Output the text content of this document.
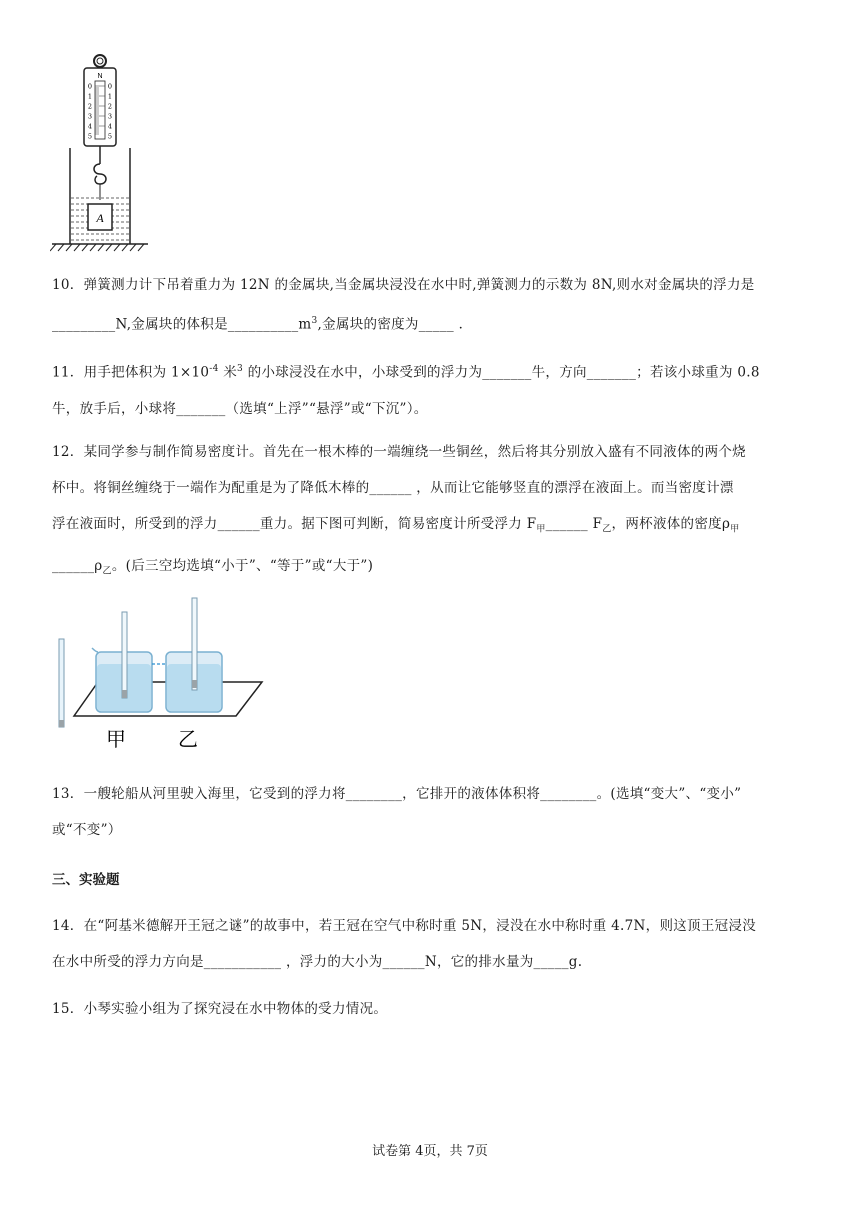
N
0 0
1 1
2 2
3 3
4 4
5 5
A

10．弹簧测力计下吊着重力为 12N 的金属块,当金属块浸没在水中时,弹簧测力的示数为 8N,则水对金属块的浮力是

_________N,金属块的体积是$\_\_\_\_\_\_\_\_\_\_m^3$,金属块的密度为_____ ．

11．用手把体积为 $1\times 10^{-4}$ 米$^3$ 的小球浸没在水中，小球受到的浮力为_______牛，方向_______；若该小球重为 0.8

牛，放手后，小球将_______（选填“上浮”“悬浮”或“下沉”）。

12．某同学参与制作简易密度计。首先在一根木棒的一端缠绕一些铜丝，然后将其分别放入盛有不同液体的两个烧

杯中。将铜丝缠绕于一端作为配重是为了降低木棒的______ ，从而让它能够竖直的漂浮在液面上。而当密度计漂

浮在液面时，所受到的浮力______重力。据下图可判断，简易密度计所受浮力 $F_甲\_\_\_\_\_\_$ $F_乙$，两杯液体的密度$\rho_甲$

$\_\_\_\_\_\_\rho_乙$。(后三空均选填“小于”、“等于”或“大于”)

甲	乙

13．一艘轮船从河里驶入海里，它受到的浮力将________，它排开的液体体积将________。(选填“变大”、“变小”

或“不变”）

三、实验题

14．在“阿基米德解开王冠之谜”的故事中，若王冠在空气中称时重 5N，浸没在水中称时重 4.7N，则这顶王冠浸没

在水中所受的浮力方向是___________ ，浮力的大小为______N，它的排水量为_____g.

15．小琴实验小组为了探究浸在水中物体的受力情况。

试卷第 4页，共 7页
